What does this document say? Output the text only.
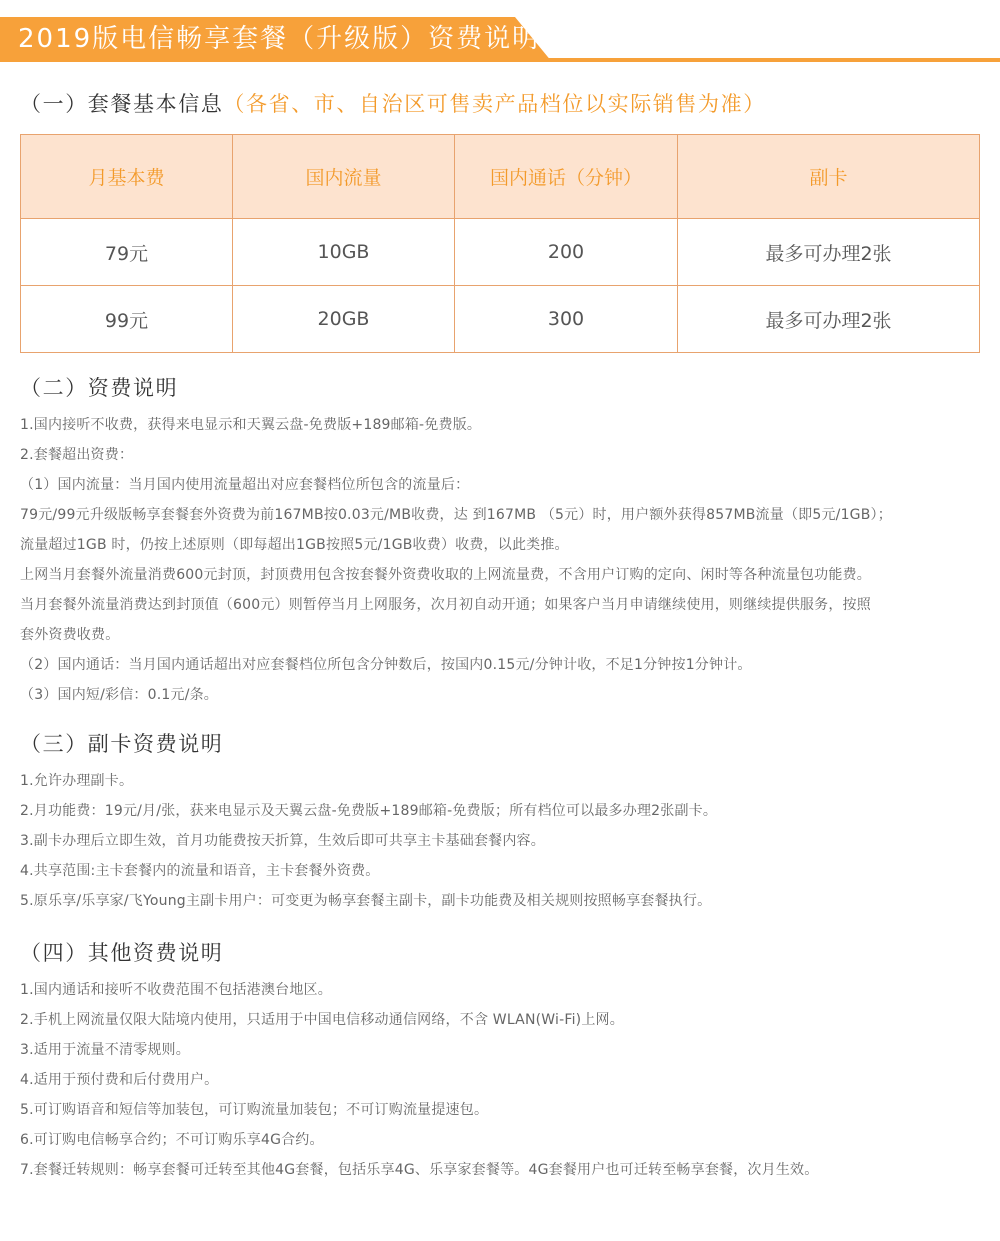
2019版电信畅享套餐（升级版）资费说明
（一）套餐基本信息（各省、市、自治区可售卖产品档位以实际销售为准）
月基本费	国内流量	国内通话（分钟）	副卡
79元	10GB	200	最多可办理2张
99元	20GB	300	最多可办理2张
（二）资费说明
1.国内接听不收费，获得来电显示和天翼云盘-免费版+189邮箱-免费版。
2.套餐超出资费：
（1）国内流量：当月国内使用流量超出对应套餐档位所包含的流量后：
79元/99元升级版畅享套餐套外资费为前167MB按0.03元/MB收费，达 到167MB （5元）时，用户额外获得857MB流量（即5元/1GB）；
流量超过1GB 时，仍按上述原则（即每超出1GB按照5元/1GB收费）收费，以此类推。
上网当月套餐外流量消费600元封顶，封顶费用包含按套餐外资费收取的上网流量费，不含用户订购的定向、闲时等各种流量包功能费。
当月套餐外流量消费达到封顶值（600元）则暂停当月上网服务，次月初自动开通；如果客户当月申请继续使用，则继续提供服务，按照
套外资费收费。
（2）国内通话：当月国内通话超出对应套餐档位所包含分钟数后，按国内0.15元/分钟计收，不足1分钟按1分钟计。
（3）国内短/彩信：0.1元/条。
（三）副卡资费说明
1.允许办理副卡。
2.月功能费：19元/月/张，获来电显示及天翼云盘-免费版+189邮箱-免费版；所有档位可以最多办理2张副卡。
3.副卡办理后立即生效，首月功能费按天折算，生效后即可共享主卡基础套餐内容。
4.共享范围:主卡套餐内的流量和语音，主卡套餐外资费。
5.原乐享/乐享家/飞Young主副卡用户：可变更为畅享套餐主副卡，副卡功能费及相关规则按照畅享套餐执行。
（四）其他资费说明
1.国内通话和接听不收费范围不包括港澳台地区。
2.手机上网流量仅限大陆境内使用，只适用于中国电信移动通信网络，不含 WLAN(Wi-Fi)上网。
3.适用于流量不清零规则。
4.适用于预付费和后付费用户。
5.可订购语音和短信等加装包，可订购流量加装包；不可订购流量提速包。
6.可订购电信畅享合约；不可订购乐享4G合约。
7.套餐迁转规则：畅享套餐可迁转至其他4G套餐，包括乐享4G、乐享家套餐等。4G套餐用户也可迁转至畅享套餐，次月生效。
